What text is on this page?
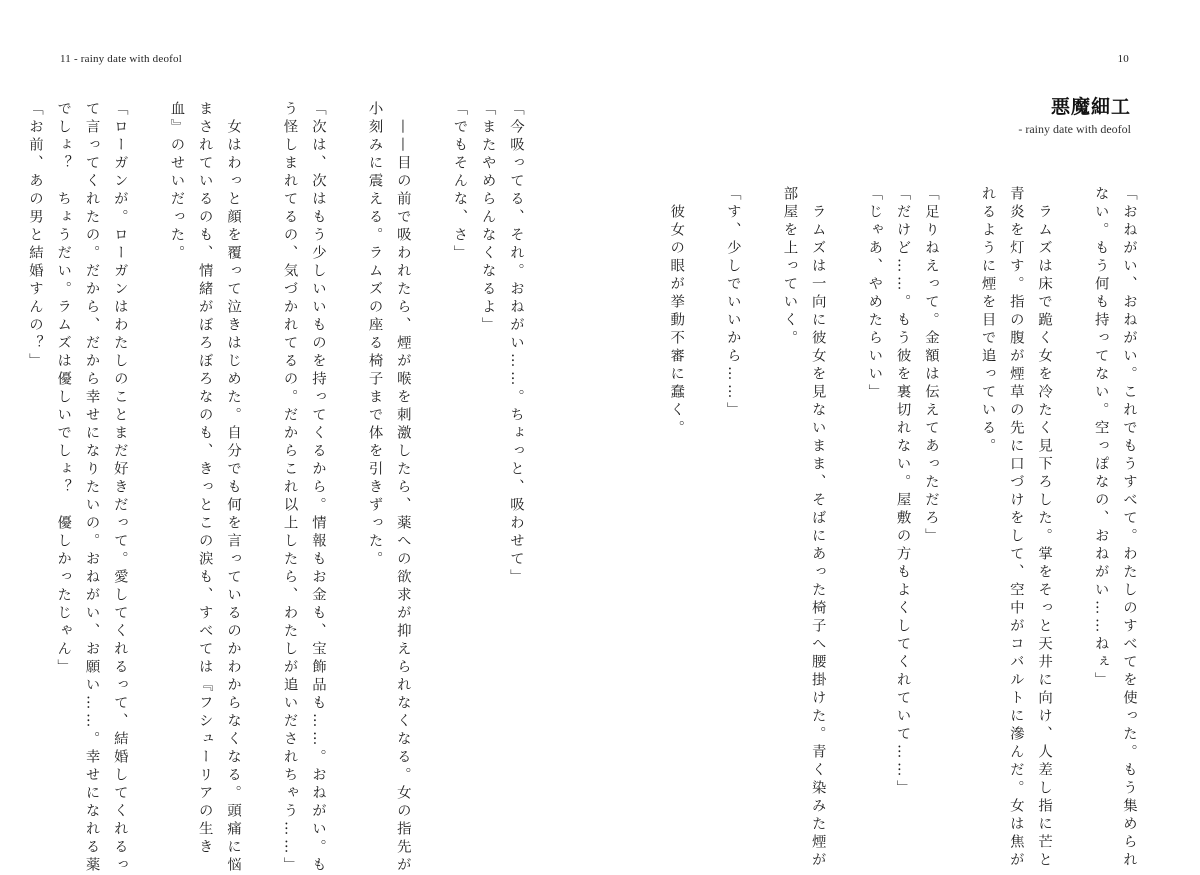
11 - rainy date with deofol
「今吸ってる、それ。おねがい……。ちょっと、吸わせて」
「またやめらんなくなるよ」
「でもそんな、さ」

　——目の前で吸われたら、煙が喉を刺激したら、薬への欲求が抑えられなくなる。女の指先が
小刻みに震える。ラムズの座る椅子まで体を引きずった。

「次は、次はもう少しいいものを持ってくるから。情報もお金も、宝飾品も……。おねがい。も
う怪しまれてるの、気づかれてるの。だからこれ以上したら、わたしが追いだされちゃう……」

　女はわっと顔を覆って泣きはじめた。自分でも何を言っているのかわからなくなる。頭痛に悩
まされているのも、情緒がぼろぼろなのも、きっとこの涙も、すべては『フシューリアの生き
血』のせいだった。

「ローガンが。ローガンはわたしのことまだ好きだって。愛してくれるって、結婚してくれるっ
て言ってくれたの。だから、だから幸せになりたいの。おねがい、お願い……。幸せになれる薬
でしょ？　ちょうだい。ラムズは優しいでしょ？　優しかったじゃん」
「お前、あの男と結婚すんの？」
10
悪魔細工
- rainy date with deofol
「おねがい、おねがい。これでもうすべて。わたしのすべてを使った。もう集められ
ない。もう何も持ってない。空っぽなの、おねがい……ねぇ」

　ラムズは床で跪く女を冷たく見下ろした。掌をそっと天井に向け、人差し指に芒と
青炎を灯す。指の腹が煙草の先に口づけをして、空中がコバルトに滲んだ。女は焦が
れるように煙を目で追っている。

「足りねえって。金額は伝えてあっただろ」
「だけど……。もう彼を裏切れない。屋敷の方もよくしてくれていて……」
「じゃあ、やめたらいい」

　ラムズは一向に彼女を見ないまま、そばにあった椅子へ腰掛けた。青く染みた煙が
部屋を上っていく。

「す、少しでいいから……」

　彼女の眼が挙動不審に蠢く。
